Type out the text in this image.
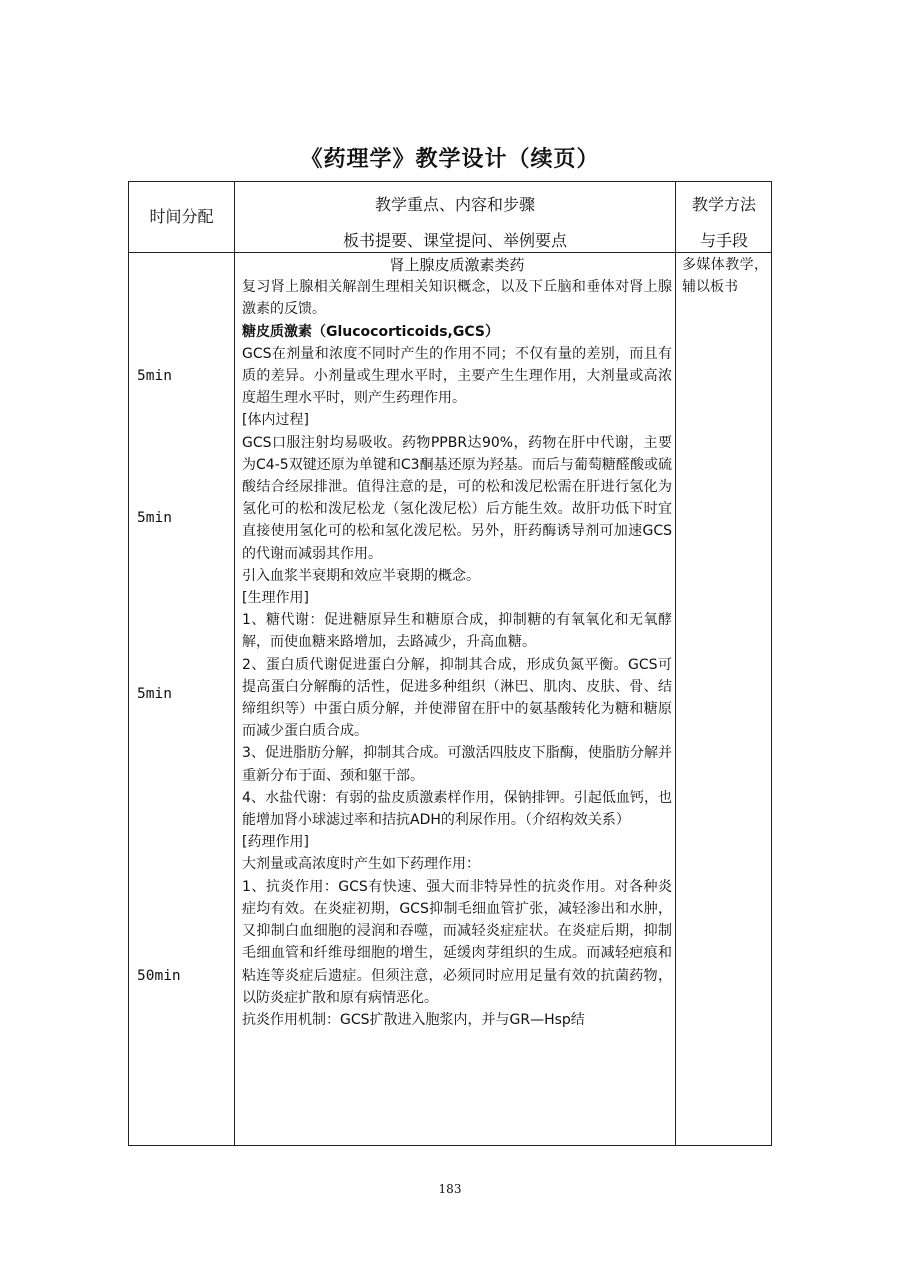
《药理学》教学设计（续页）
时间分配
教学重点、内容和步骤
板书提要、课堂提问、举例要点
教学方法
与手段
5min
5min
5min
50min

肾上腺皮质激素类药

复习肾上腺相关解剖生理相关知识概念，以及下丘脑和垂体对肾上腺激素的反馈。

糖皮质激素（Glucocorticoids,GCS）

GCS在剂量和浓度不同时产生的作用不同；不仅有量的差别，而且有质的差异。小剂量或生理水平时，主要产生生理作用，大剂量或高浓度超生理水平时，则产生药理作用。

[体内过程]

GCS口服注射均易吸收。药物PPBR达90%，药物在肝中代谢，主要为C4-5双键还原为单键和C3酮基还原为羟基。而后与葡萄糖醛酸或硫酸结合经尿排泄。值得注意的是，可的松和泼尼松需在肝进行氢化为氢化可的松和泼尼松龙（氢化泼尼松）后方能生效。故肝功低下时宜直接使用氢化可的松和氢化泼尼松。另外，肝药酶诱导剂可加速GCS的代谢而减弱其作用。

引入血浆半衰期和效应半衰期的概念。

[生理作用]

1、糖代谢：促进糖原异生和糖原合成，抑制糖的有氧氧化和无氧酵解，而使血糖来路增加，去路减少，升高血糖。

2、蛋白质代谢促进蛋白分解，抑制其合成，形成负氮平衡。GCS可提高蛋白分解酶的活性，促进多种组织（淋巴、肌肉、皮肤、骨、结缔组织等）中蛋白质分解，并使滞留在肝中的氨基酸转化为糖和糖原而减少蛋白质合成。

3、促进脂肪分解，抑制其合成。可激活四肢皮下脂酶，使脂肪分解并重新分布于面、颈和躯干部。

4、水盐代谢：有弱的盐皮质激素样作用，保钠排钾。引起低血钙，也能增加肾小球滤过率和拮抗ADH的利尿作用。（介绍构效关系）

[药理作用]

大剂量或高浓度时产生如下药理作用：

1、抗炎作用：GCS有快速、强大而非特异性的抗炎作用。对各种炎症均有效。在炎症初期，GCS抑制毛细血管扩张，减轻渗出和水肿，又抑制白血细胞的浸润和吞噬，而减轻炎症症状。在炎症后期，抑制毛细血管和纤维母细胞的增生，延缓肉芽组织的生成。而减轻疤痕和粘连等炎症后遗症。但须注意，必须同时应用足量有效的抗菌药物，以防炎症扩散和原有病情恶化。

抗炎作用机制：GCS扩散进入胞浆内，并与GR—Hsp结

多媒体教学，辅以板书
183
